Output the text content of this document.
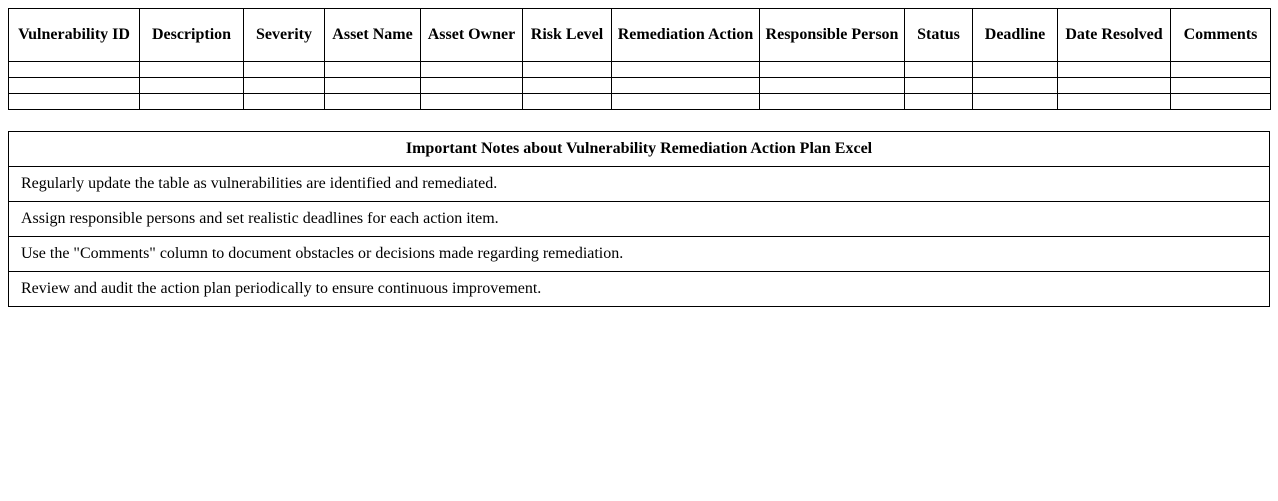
Vulnerability ID	Description	Severity	Asset Name	Asset Owner	Risk Level	Remediation Action	Responsible Person	Status	Deadline	Date Resolved	Comments

Important Notes about Vulnerability Remediation Action Plan Excel
Regularly update the table as vulnerabilities are identified and remediated.
Assign responsible persons and set realistic deadlines for each action item.
Use the "Comments" column to document obstacles or decisions made regarding remediation.
Review and audit the action plan periodically to ensure continuous improvement.
